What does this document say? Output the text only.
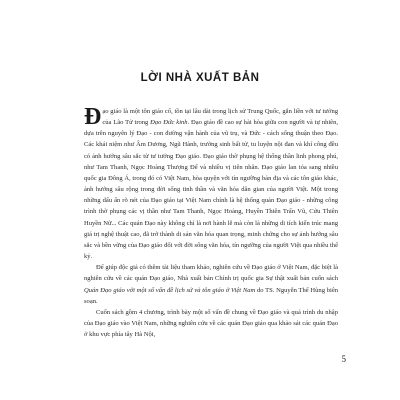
LỜI NHÀ XUẤT BẢN

Đạo giáo là một tôn giáo cổ, tồn tại lâu dài trong lịch sử Trung Quốc, gắn liền với tư tưởng của Lão Tử trong Đạo Đức kinh. Đạo giáo đề cao sự hài hòa giữa con người và tự nhiên, dựa trên nguyên lý Đạo - con đường vận hành của vũ trụ, và Đức - cách sống thuận theo Đạo. Các khái niệm như Âm Dương, Ngũ Hành, trường sinh bất tử, tu luyện nội đan và khí công đều có ảnh hưởng sâu sắc từ tư tưởng Đạo giáo. Đạo giáo thờ phụng hệ thống thần linh phong phú, như Tam Thanh, Ngọc Hoàng Thượng Đế và nhiều vị tiên nhân. Đạo giáo lan tỏa sang nhiều quốc gia Đông Á, trong đó có Việt Nam, hòa quyện với tín ngưỡng bản địa và các tôn giáo khác, ảnh hưởng sâu rộng trong đời sống tinh thần và văn hóa dân gian của người Việt. Một trong những dấu ấn rõ nét của Đạo giáo tại Việt Nam chính là hệ thống quán Đạo giáo - những công trình thờ phụng các vị thần như Tam Thanh, Ngọc Hoàng, Huyền Thiên Trấn Vũ, Cửu Thiên Huyền Nữ... Các quán Đạo này không chỉ là nơi hành lễ mà còn là những di tích kiến trúc mang giá trị nghệ thuật cao, đã trở thành di sản văn hóa quan trọng, minh chứng cho sự ảnh hưởng sâu sắc và bền vững của Đạo giáo đối với đời sống văn hóa, tín ngưỡng của người Việt qua nhiều thế kỷ.

Để giúp độc giả có thêm tài liệu tham khảo, nghiên cứu về Đạo giáo ở Việt Nam, đặc biệt là nghiên cứu về các quán Đạo giáo, Nhà xuất bản Chính trị quốc gia Sự thật xuất bản cuốn sách Quán Đạo giáo với một số vấn đề lịch sử và tôn giáo ở Việt Nam do TS. Nguyễn Thế Hùng biên soạn.

Cuốn sách gồm 4 chương, trình bày một số vấn đề chung về Đạo giáo và quá trình du nhập của Đạo giáo vào Việt Nam, những nghiên cứu về các quán Đạo giáo qua khảo sát các quán Đạo ở khu vực phía tây Hà Nội,

5
